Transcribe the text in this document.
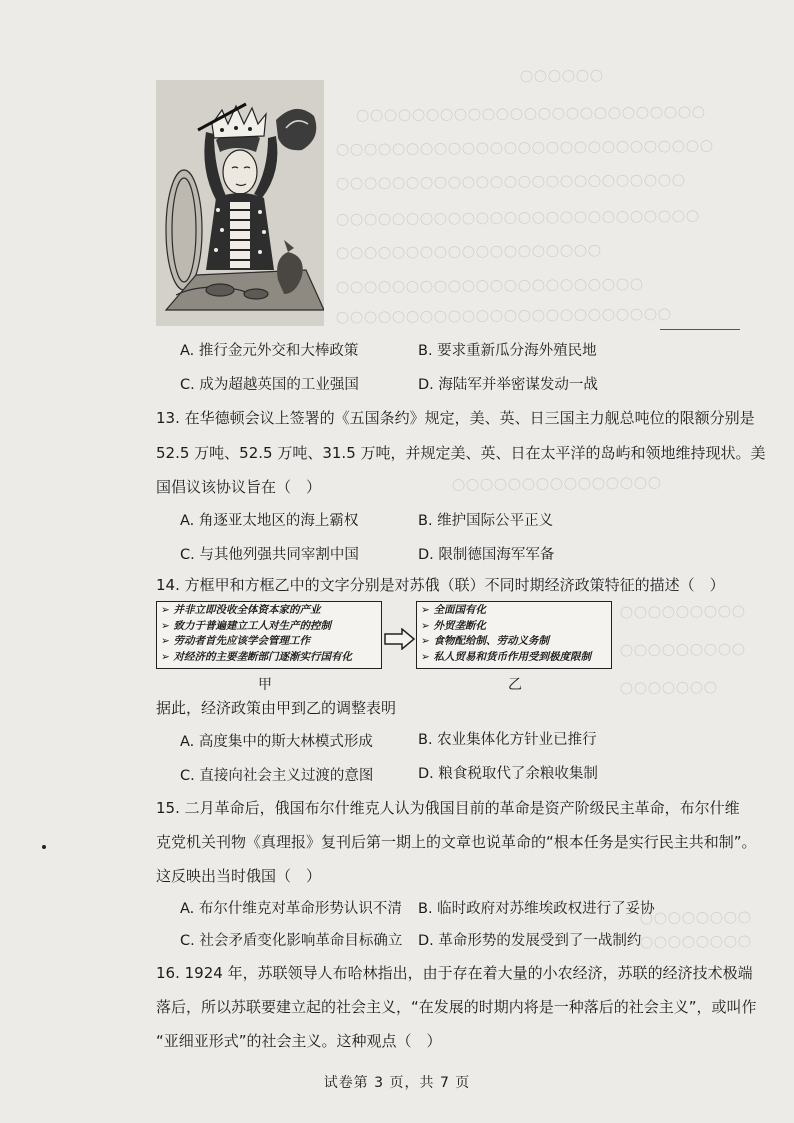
〇〇〇〇〇〇
〇〇〇〇〇〇〇〇〇〇〇〇〇〇〇〇〇〇〇〇〇〇〇〇〇
〇〇〇〇〇〇〇〇〇〇〇〇〇〇〇〇〇〇〇〇〇〇〇〇〇〇〇
〇〇〇〇〇〇〇〇〇〇〇〇〇〇〇〇〇〇〇〇〇〇〇〇〇
〇〇〇〇〇〇〇〇〇〇〇〇〇〇〇〇〇〇〇〇〇〇〇〇〇〇
〇〇〇〇〇〇〇〇〇〇〇〇〇〇〇〇〇〇〇
〇〇〇〇〇〇〇〇〇〇〇〇〇〇〇〇〇〇〇〇〇〇
〇〇〇〇〇〇〇〇〇〇〇〇〇〇〇〇〇〇〇〇〇〇〇〇
〇〇〇〇〇〇〇〇〇〇〇〇〇〇〇
〇〇〇〇〇〇〇〇〇
〇〇〇〇〇〇〇〇〇
〇〇〇〇〇〇〇
〇〇〇〇〇〇〇〇
〇〇〇〇〇〇〇〇
A. 推行金元外交和大棒政策	B. 要求重新瓜分海外殖民地
C. 成为超越英国的工业强国	D. 海陆军并举密谋发动一战
13. 在华德顿会议上签署的《五国条约》规定，美、英、日三国主力舰总吨位的限额分别是
52.5 万吨、52.5 万吨、31.5 万吨，并规定美、英、日在太平洋的岛屿和领地维持现状。美
国倡议该协议旨在（　）
A. 角逐亚太地区的海上霸权	B. 维护国际公平正义
C. 与其他列强共同宰割中国	D. 限制德国海军军备
14. 方框甲和方框乙中的文字分别是对苏俄（联）不同时期经济政策特征的描述（　）
➢ 并非立即没收全体资本家的产业
➢ 致力于普遍建立工人对生产的控制
➢ 劳动者首先应该学会管理工作
➢ 对经济的主要垄断部门逐渐实行国有化
➢ 全面国有化
➢ 外贸垄断化
➢ 食物配给制、劳动义务制
➢ 私人贸易和货币作用受到极度限制
甲	乙
据此，经济政策由甲到乙的调整表明
A. 高度集中的斯大林模式形成	B. 农业集体化方针业已推行
C. 直接向社会主义过渡的意图	D. 粮食税取代了余粮收集制
15. 二月革命后，俄国布尔什维克人认为俄国目前的革命是资产阶级民主革命，布尔什维
克党机关刊物《真理报》复刊后第一期上的文章也说革命的“根本任务是实行民主共和制”。
这反映出当时俄国（　）
A. 布尔什维克对革命形势认识不清 B. 临时政府对苏维埃政权进行了妥协
C. 社会矛盾变化影响革命目标确立 D. 革命形势的发展受到了一战制约
16. 1924 年，苏联领导人布哈林指出，由于存在着大量的小农经济，苏联的经济技术极端
落后，所以苏联要建立起的社会主义，“在发展的时期内将是一种落后的社会主义”，或叫作
“亚细亚形式”的社会主义。这种观点（　）
试卷第 3 页，共 7 页
